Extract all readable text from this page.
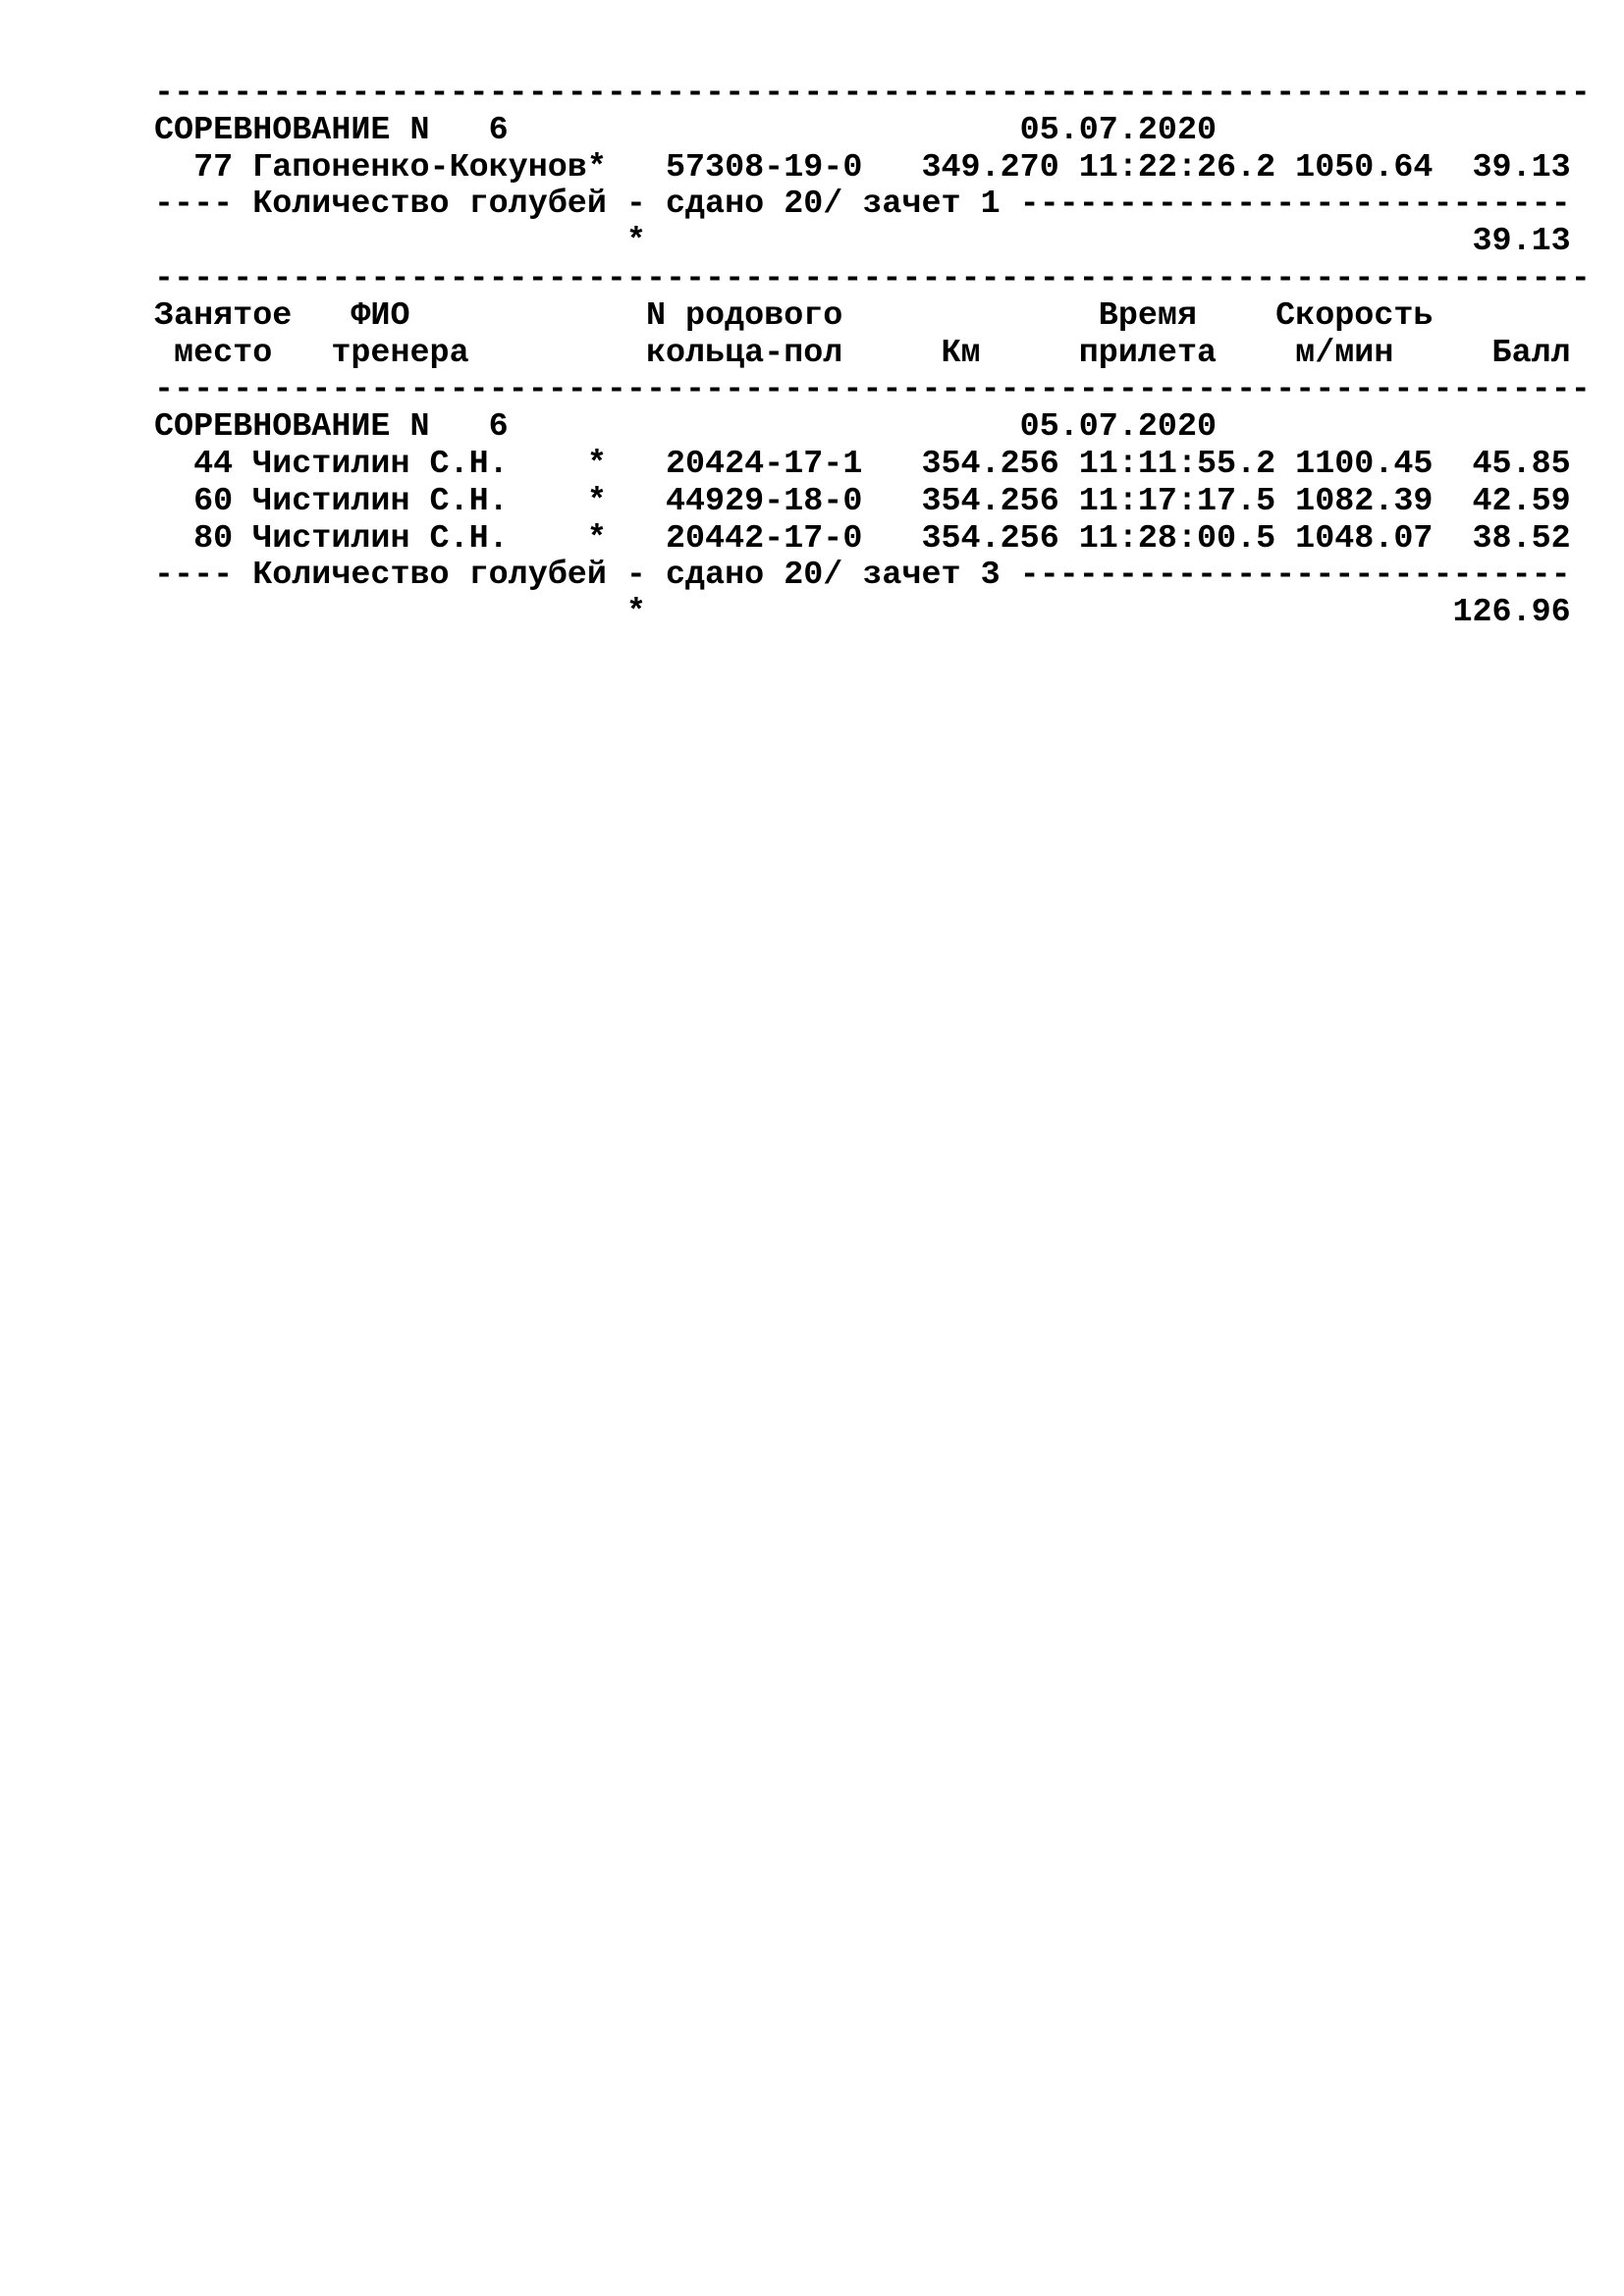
-------------------------------------------------------------------------
СОРЕВНОВАНИЕ N   6                          05.07.2020
77 Гапоненко-Кокунов*   57308-19-0   349.270 11:22:26.2 1050.64  39.13
---- Количество голубей - сдано 20/ зачет 1 ----------------------------
*                                          39.13
-------------------------------------------------------------------------
Занятое   ФИО            N родового             Время    Скорость
место   тренера         кольца-пол     Км     прилета    м/мин     Балл
-------------------------------------------------------------------------
СОРЕВНОВАНИЕ N   6                          05.07.2020
44 Чистилин С.Н.    *   20424-17-1   354.256 11:11:55.2 1100.45  45.85
60 Чистилин С.Н.    *   44929-18-0   354.256 11:17:17.5 1082.39  42.59
80 Чистилин С.Н.    *   20442-17-0   354.256 11:28:00.5 1048.07  38.52
---- Количество голубей - сдано 20/ зачет 3 ----------------------------
*                                         126.96
